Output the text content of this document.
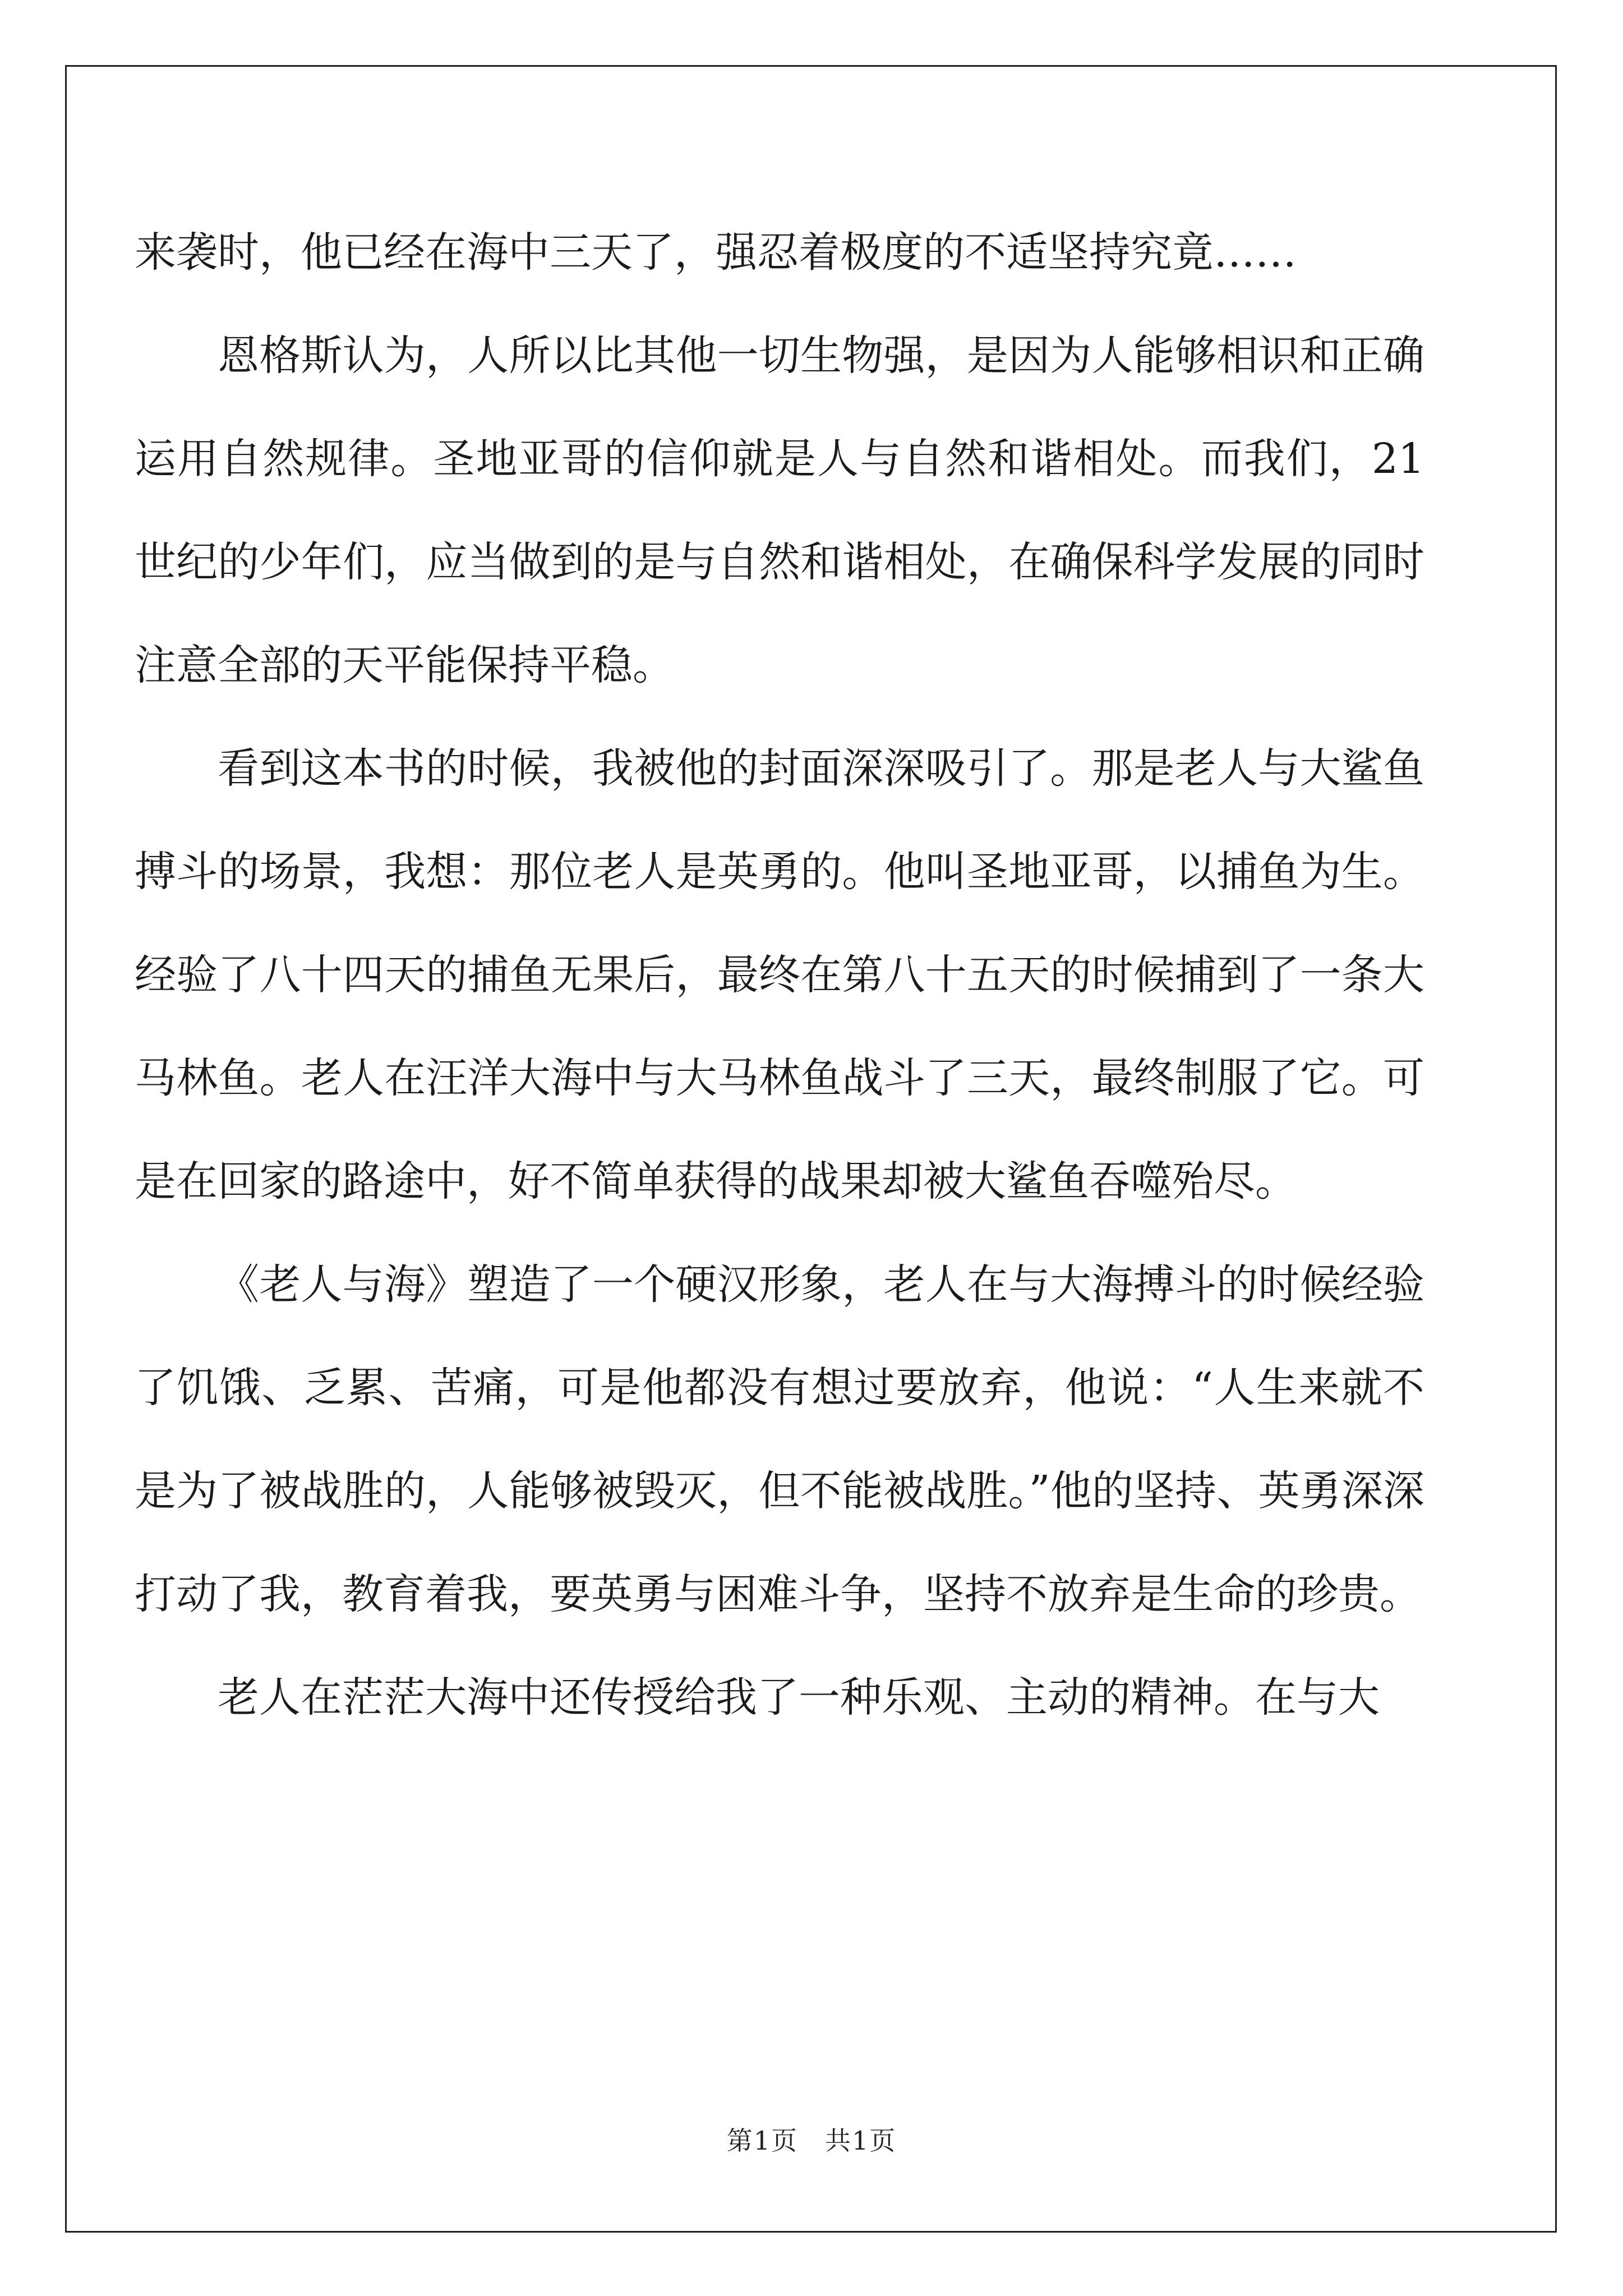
来袭时，他已经在海中三天了，强忍着极度的不适坚持究竟……

恩格斯认为，人所以比其他一切生物强，是因为人能够相识和正确运用自然规律。圣地亚哥的信仰就是人与自然和谐相处。而我们，21世纪的少年们，应当做到的是与自然和谐相处，在确保科学发展的同时注意全部的天平能保持平稳。

看到这本书的时候，我被他的封面深深吸引了。那是老人与大鲨鱼搏斗的场景，我想：那位老人是英勇的。他叫圣地亚哥，以捕鱼为生。经验了八十四天的捕鱼无果后，最终在第八十五天的时候捕到了一条大马林鱼。老人在汪洋大海中与大马林鱼战斗了三天，最终制服了它。可是在回家的路途中，好不简单获得的战果却被大鲨鱼吞噬殆尽。

《老人与海》塑造了一个硬汉形象，老人在与大海搏斗的时候经验了饥饿、乏累、苦痛，可是他都没有想过要放弃，他说：“人生来就不是为了被战胜的，人能够被毁灭，但不能被战胜。”他的坚持、英勇深深打动了我，教育着我，要英勇与困难斗争，坚持不放弃是生命的珍贵。

老人在茫茫大海中还传授给我了一种乐观、主动的精神。在与大

第1页　共1页
